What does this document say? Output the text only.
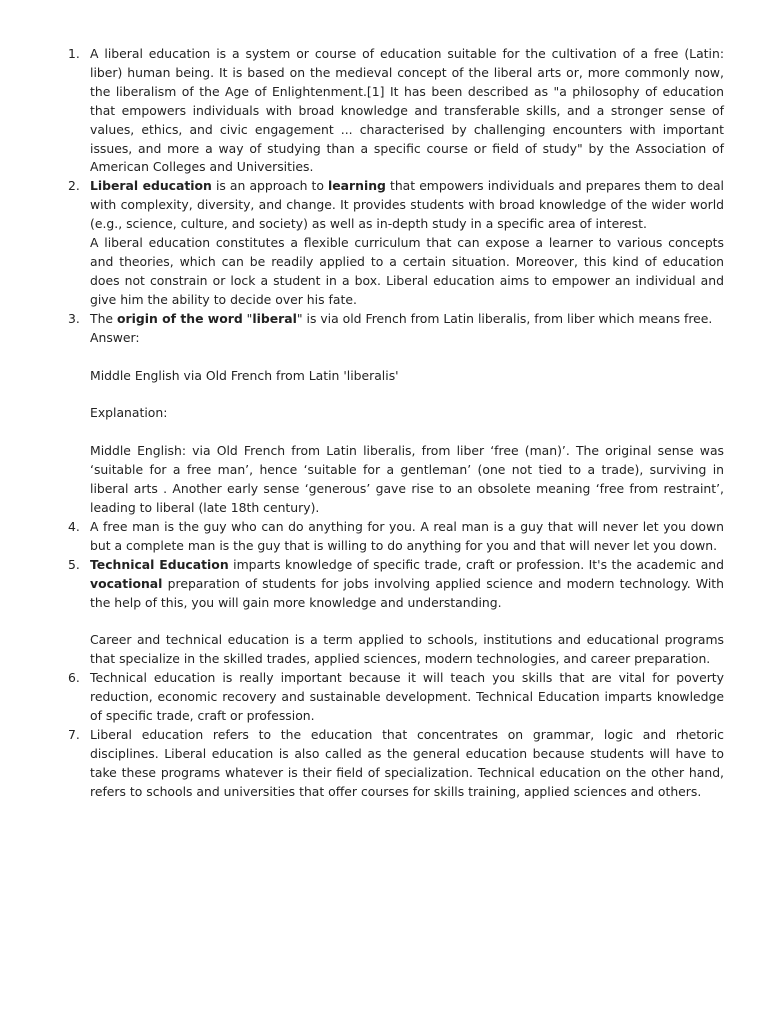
1. A liberal education is a system or course of education suitable for the cultivation of a free (Latin: liber) human being. It is based on the medieval concept of the liberal arts or, more commonly now, the liberalism of the Age of Enlightenment.[1] It has been described as "a philosophy of education that empowers individuals with broad knowledge and transferable skills, and a stronger sense of values, ethics, and civic engagement ... characterised by challenging encounters with important issues, and more a way of studying than a specific course or field of study" by the Association of American Colleges and Universities.

2. Liberal education is an approach to learning that empowers individuals and prepares them to deal with complexity, diversity, and change. It provides students with broad knowledge of the wider world (e.g., science, culture, and society) as well as in-depth study in a specific area of interest.

A liberal education constitutes a flexible curriculum that can expose a learner to various concepts and theories, which can be readily applied to a certain situation. Moreover, this kind of education does not constrain or lock a student in a box. Liberal education aims to empower an individual and give him the ability to decide over his fate.

3. The origin of the word "liberal" is via old French from Latin liberalis, from liber which means free.

Answer:

Middle English via Old French from Latin 'liberalis'

Explanation:

Middle English: via Old French from Latin liberalis, from liber ‘free (man)’. The original sense was ‘suitable for a free man’, hence ‘suitable for a gentleman’ (one not tied to a trade), surviving in liberal arts . Another early sense ‘generous’ gave rise to an obsolete meaning ‘free from restraint’, leading to liberal (late 18th century).

4. A free man is the guy who can do anything for you. A real man is a guy that will never let you down but a complete man is the guy that is willing to do anything for you and that will never let you down.

5. Technical Education imparts knowledge of specific trade, craft or profession. It's the academic and vocational preparation of students for jobs involving applied science and modern technology. With the help of this, you will gain more knowledge and understanding.

Career and technical education is a term applied to schools, institutions and educational programs that specialize in the skilled trades, applied sciences, modern technologies, and career preparation.

6. Technical education is really important because it will teach you skills that are vital for poverty reduction, economic recovery and sustainable development. Technical Education imparts knowledge of specific trade, craft or profession.

7. Liberal education refers to the education that concentrates on grammar, logic and rhetoric disciplines. Liberal education is also called as the general education because students will have to take these programs whatever is their field of specialization. Technical education on the other hand, refers to schools and universities that offer courses for skills training, applied sciences and others.
